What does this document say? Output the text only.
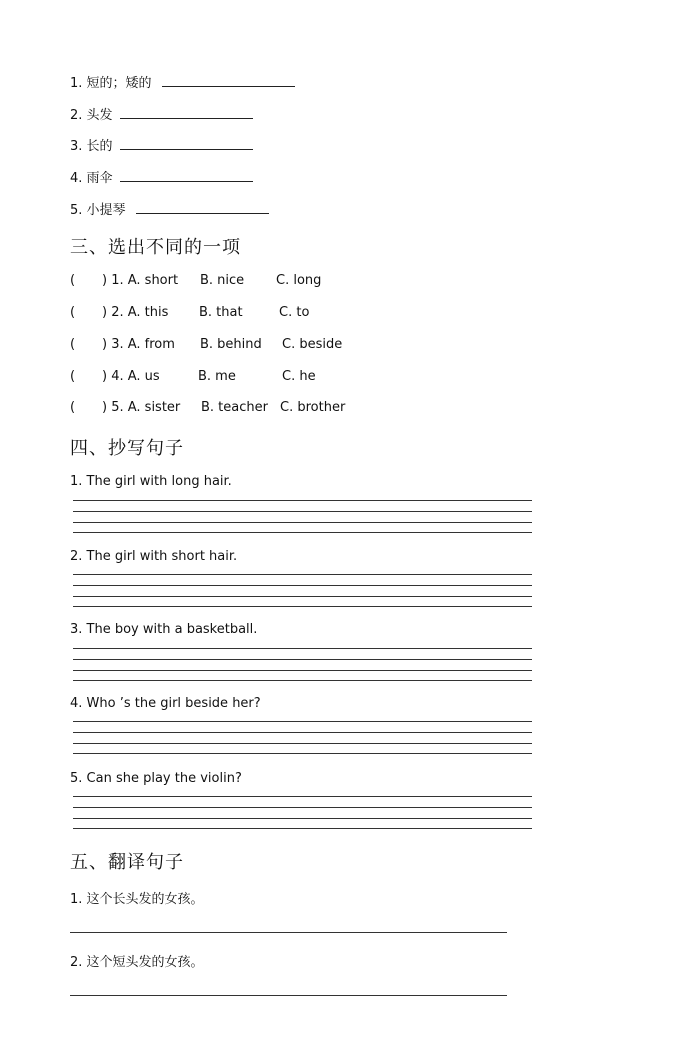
1. 短的；矮的
2. 头发
3. 长的
4. 雨伞
5. 小提琴
三、选出不同的一项
( ) 1. A. short B. nice C. long
( ) 2. A. this B. that	C. to
( ) 3. A. from B. behind C. beside
( ) 4. A. us	B. me	C. he
( ) 5. A. sister B. teacher C. brother
四、抄写句子
1. The girl with long hair.
2. The girl with short hair.
3. The boy with a basketball.
4. Who ’s the girl beside her?
5. Can she play the violin?
五、翻译句子
1. 这个长头发的女孩。
2. 这个短头发的女孩。
